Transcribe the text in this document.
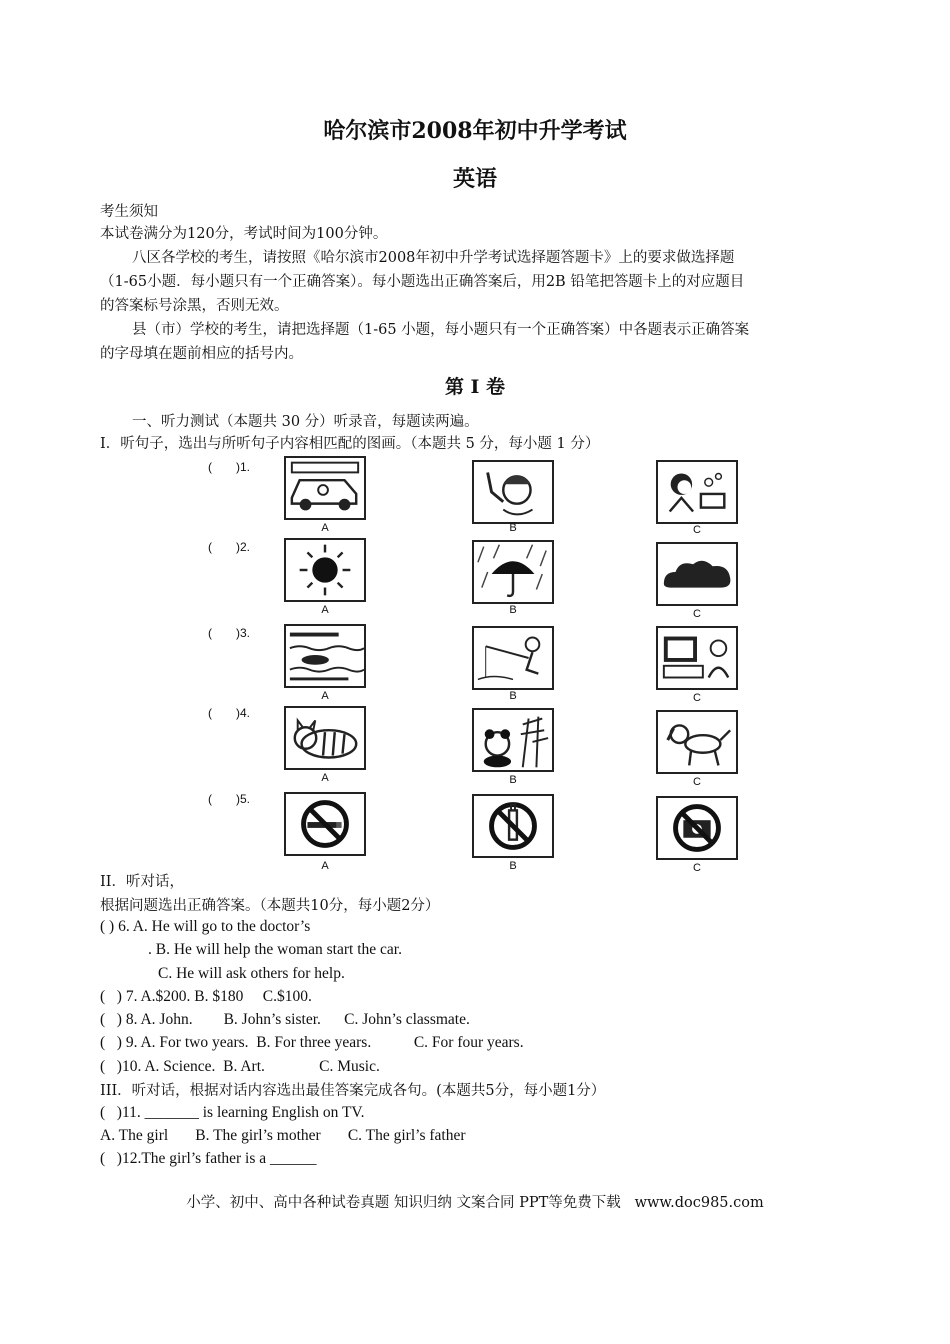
哈尔滨市2008年初中升学考试
英语
考生须知
本试卷满分为120分，考试时间为100分钟。
八区各学校的考生，请按照《哈尔滨市2008年初中升学考试选择题答题卡》上的要求做选择题
（1-65小题．每小题只有一个正确答案）。每小题选出正确答案后，用2B 铅笔把答题卡上的对应题目
的答案标号涂黑，否则无效。
县（市）学校的考生，请把选择题（1-65 小题，每小题只有一个正确答案）中各题表示正确答案
的字母填在题前相应的括号内。
第 I 卷
一、听力测试（本题共 30 分）听录音，每题读两遍。
I．听句子，选出与所听句子内容相匹配的图画。（本题共 5 分，每小题 1 分）
(　　)1.
A	B	C
(　　)2.
A	B	C
(　　)3.
A	B	C
(　　)4.
A	B	C
(　　)5.
A	B	C
II．听对话，
根据问题选出正确答案。（本题共10分，每小题2分）
( ) 6. A. He will go to the doctor’s
. B. He will help the woman start the car.
C. He will ask others for help.
(   ) 7. A.$200. B. $180     C.$100.
(   ) 8. A. John.        B. John’s sister.      C. John’s classmate.
(   ) 9. A. For two years.  B. For three years.           C. For four years.
(   )10. A. Science.  B. Art.              C. Music.
III．听对话，根据对话内容选出最佳答案完成各句。(本题共5分，每小题1分）
(   )11. _______ is learning English on TV.
A. The girl       B. The girl’s mother       C. The girl’s father
(   )12.The girl’s father is a ______
小学、初中、高中各种试卷真题 知识归纳 文案合同 PPT等免费下载   www.doc985.com
